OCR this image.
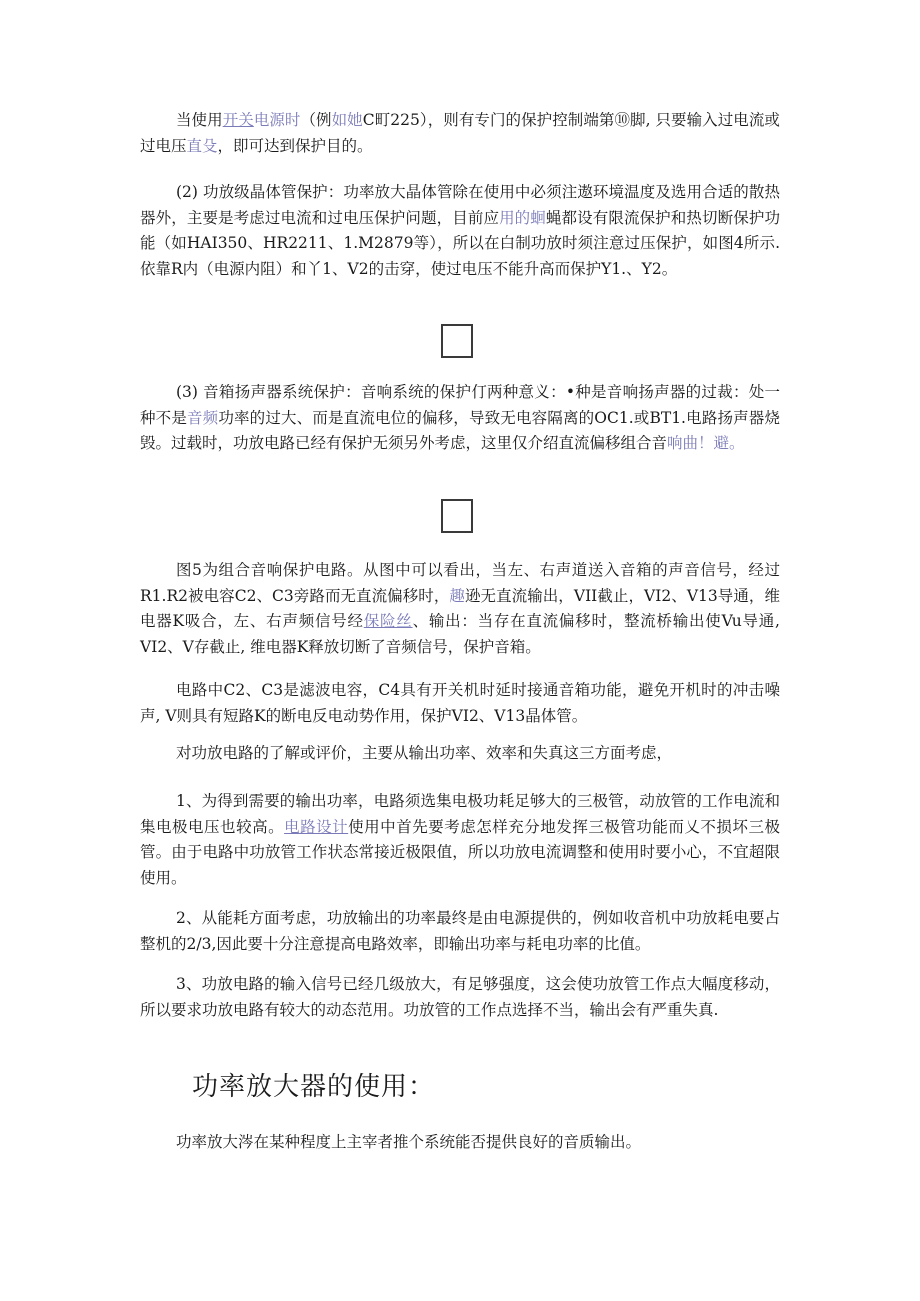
当使用开关电源时（例如她C町225），则有专门的保护控制端第⑩脚, 只要输入过电流或过电压直殳，即可达到保护目的。

(2) 功放级晶体管保护：功率放大晶体管除在使用中必须注遨环境温度及选用合适的散热器外，主要是考虑过电流和过电压保护问题，目前应用的蛔蝇都设有限流保护和热切断保护功能（如HAI350、HR2211、1.M2879等），所以在白制功放时须注意过压保护，如图4所示. 依靠R内（电源内阻）和丫1、V2的击穿，使过电压不能升高而保护Y1.、Y2。

(3) 音箱扬声器系统保护：音响系统的保护仃两种意义：•种是音响扬声器的过裁：处一种不是音频功率的过大、而是直流电位的偏移，导致无电容隔离的OC1.或BT1.电路扬声器烧毁。过载时，功放电路已经有保护无须另外考虑，这里仅介绍直流偏移组合音响曲！避。

图5为组合音响保护电路。从图中可以看出，当左、右声道送入音箱的声音信号，经过R1.R2被电容C2、C3旁路而无直流偏移时，趣逊无直流输出，VII截止，VI2、V13导通，维电器K吸合，左、右声频信号经保险丝、输出：当存在直流偏移时，整流桥输出使Vu导通, VI2、V存截止, 维电器K释放切断了音频信号，保护音箱。

电路中C2、C3是滤波电容，C4具有开关机时延时接通音箱功能，避免开机时的冲击噪声, V则具有短路K的断电反电动势作用，保护VI2、V13晶体管。

对功放电路的了解或评价，主要从输出功率、效率和失真这三方面考虑，

1、为得到需要的输出功率，电路须选集电极功耗足够大的三极管，动放管的工作电流和集电极电压也较高。电路设计使用中首先要考虑怎样充分地发挥三极管功能而乂不损坏三极管。由于电路中功放管工作状态常接近极限值，所以功放电流调整和使用时要小心，不宜超限使用。

2、从能耗方面考虑，功放输出的功率最终是由电源提供的，例如收音机中功放耗电要占整机的2/3,因此要十分注意提高电路效率，即输出功率与耗电功率的比值。

3、功放电路的输入信号已经几级放大，有足够强度，这会使功放管工作点大幅度移动，所以要求功放电路有较大的动态范用。功放管的工作点选择不当，输出会有严重失真.

功率放大器的使用：

功率放大涔在某种程度上主宰者推个系统能否提供良好的音质输出。
